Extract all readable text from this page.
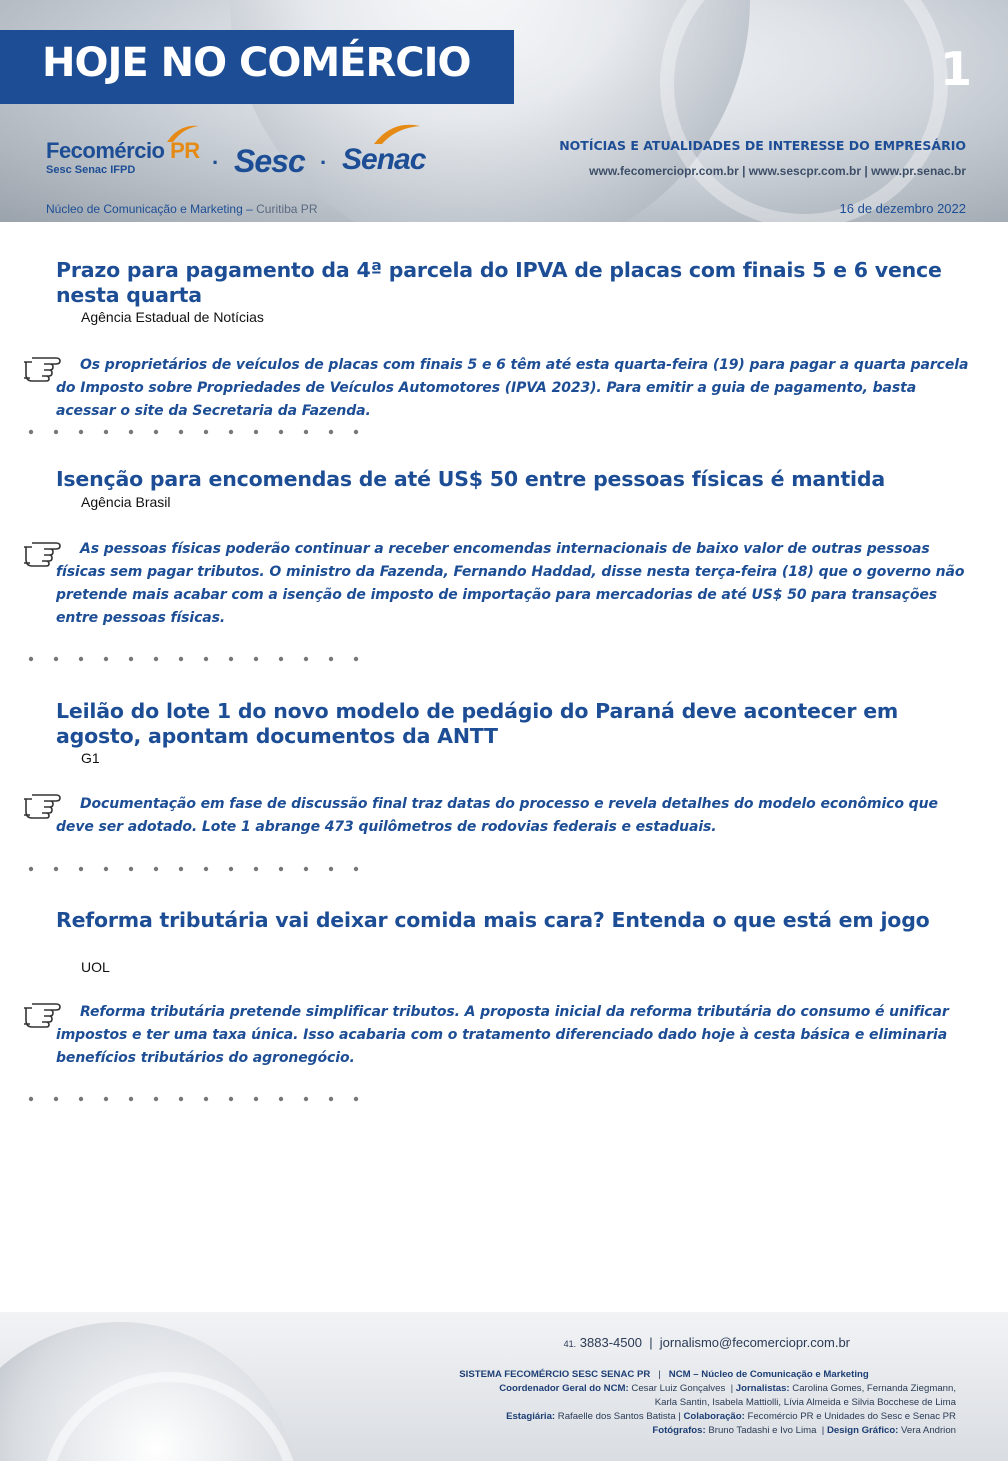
HOJE NO COMÉRCIO	1
Fecomércio PR
Sesc Senac IFPD	· Sesc · Senac	NOTÍCIAS E ATUALIDADES DE INTERESSE DO EMPRESÁRIO
www.fecomerciopr.com.br | www.sescpr.com.br | www.pr.senac.br
Núcleo de Comunicação e Marketing – Curitiba PR	16 de dezembro 2022
Prazo para pagamento da 4ª parcela do IPVA de placas com finais 5 e 6 vence nesta quarta
Agência Estadual de Notícias

Os proprietários de veículos de placas com finais 5 e 6 têm até esta quarta-feira (19) para pagar a quarta parcela do Imposto sobre Propriedades de Veículos Automotores (IPVA 2023). Para emitir a guia de pagamento, basta acessar o site da Secretaria da Fazenda.

Isenção para encomendas de até US$ 50 entre pessoas físicas é mantida
Agência Brasil

As pessoas físicas poderão continuar a receber encomendas internacionais de baixo valor de outras pessoas físicas sem pagar tributos. O ministro da Fazenda, Fernando Haddad, disse nesta terça-feira (18) que o governo não pretende mais acabar com a isenção de imposto de importação para mercadorias de até US$ 50 para transações entre pessoas físicas.

Leilão do lote 1 do novo modelo de pedágio do Paraná deve acontecer em agosto, apontam documentos da ANTT
G1

Documentação em fase de discussão final traz datas do processo e revela detalhes do modelo econômico que deve ser adotado. Lote 1 abrange 473 quilômetros de rodovias federais e estaduais.

Reforma tributária vai deixar comida mais cara? Entenda o que está em jogo
UOL

Reforma tributária pretende simplificar tributos. A proposta inicial da reforma tributária do consumo é unificar impostos e ter uma taxa única. Isso acabaria com o tratamento diferenciado dado hoje à cesta básica e eliminaria benefícios tributários do agronegócio.

41. 3883-4500  |  jornalismo@fecomerciopr.com.br
SISTEMA FECOMÉRCIO SESC SENAC PR   |   NCM – Núcleo de Comunicação e Marketing
Coordenador Geral do NCM: Cesar Luiz Gonçalves  | Jornalistas: Carolina Gomes, Fernanda Ziegmann,
Karla Santin, Isabela Mattiolli, Lívia Almeida e Silvia Bocchese de Lima
Estagiária: Rafaelle dos Santos Batista | Colaboração: Fecomércio PR e Unidades do Sesc e Senac PR
Fotógrafos: Bruno Tadashi e Ivo Lima  | Design Gráfico: Vera Andrion
